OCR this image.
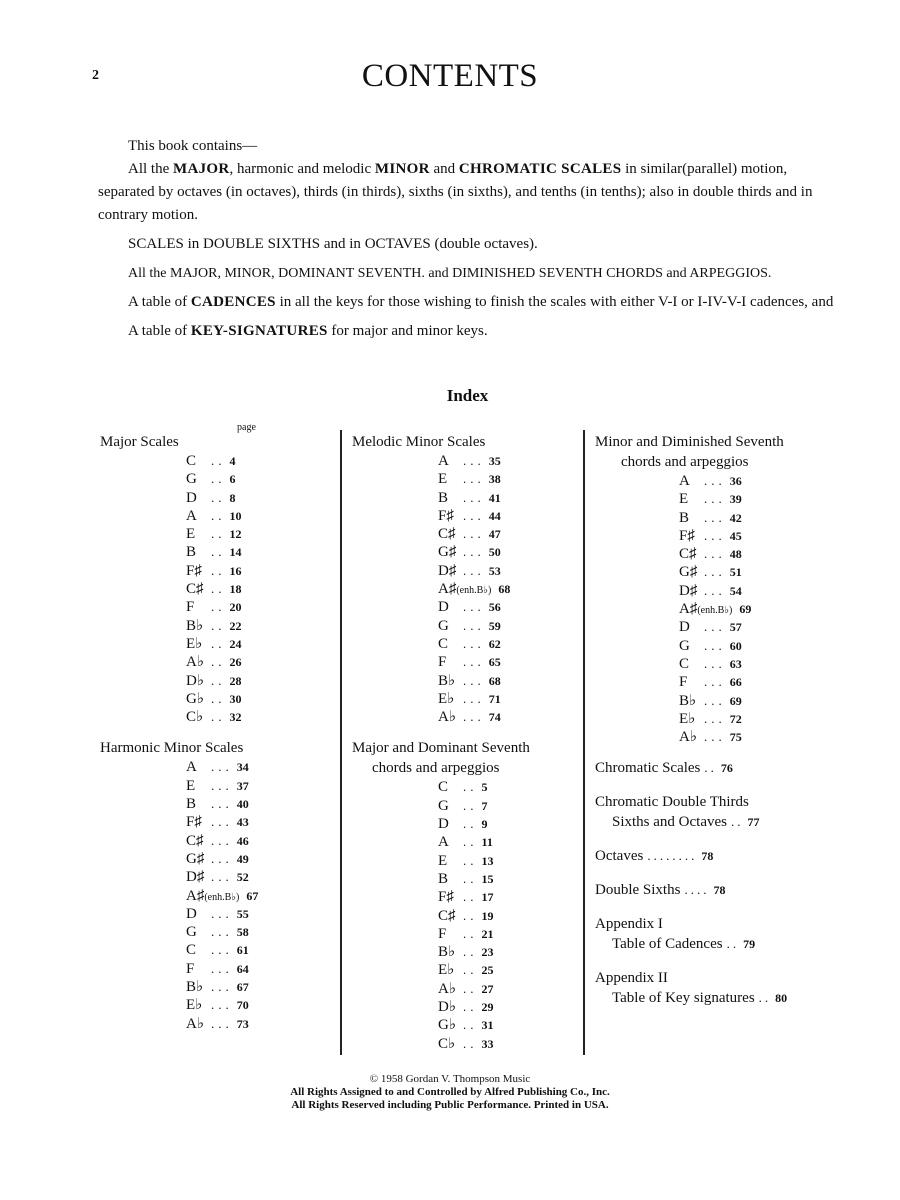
2	CONTENTS

This book contains—

All the MAJOR, harmonic and melodic MINOR and CHROMATIC SCALES in similar(parallel) motion, separated by octaves (in octaves), thirds (in thirds), sixths (in sixths), and tenths (in tenths); also in double thirds and in contrary motion.

SCALES in DOUBLE SIXTHS and in OCTAVES (double octaves).

All the MAJOR, MINOR, DOMINANT SEVENTH. and DIMINISHED SEVENTH CHORDS and ARPEGGIOS.

A table of CADENCES in all the keys for those wishing to finish the scales with either V-I or I-IV-V-I cadences, and

A table of KEY-SIGNATURES for major and minor keys.

Index
page
Major Scales
C	.. 4
G	.. 6
D	.. 8
A	.. 10
E	.. 12
B	.. 14
F♯ .. 16
C♯ .. 18
F	.. 20
B♭ .. 22
E♭ .. 24
A♭ .. 26
D♭ .. 28
G♭ .. 30
C♭ .. 32
Harmonic Minor Scales
A	... 34
E	... 37
B	... 40
F♯ ... 43
C♯ ... 46
G♯ ... 49
D♯ ... 52
A♯ (enh.B♭) 67
D	... 55
G	... 58
C	... 61
F	... 64
B♭ ... 67
E♭ ... 70
A♭ ... 73
Melodic Minor Scales
A	... 35
E	... 38
B	... 41
F♯ ... 44
C♯ ... 47
G♯ ... 50
D♯ ... 53
A♯ (enh.B♭) 68
D	... 56
G	... 59
C	... 62
F	... 65
B♭ ... 68
E♭ ... 71
A♭ ... 74
Major and Dominant Seventh
chords and arpeggios
C	.. 5
G	.. 7
D	.. 9
A	.. 11
E	.. 13
B	.. 15
F♯ .. 17
C♯ .. 19
F	.. 21
B♭ .. 23
E♭ .. 25
A♭ .. 27
D♭ .. 29
G♭ .. 31
C♭ .. 33
Minor and Diminished Seventh
chords and arpeggios
A	... 36
E	... 39
B	... 42
F♯ ... 45
C♯ ... 48
G♯ ... 51
D♯ ... 54
A♯ (enh.B♭) 69
D	... 57
G	... 60
C	... 63
F	... 66
B♭ ... 69
E♭ ... 72
A♭ ... 75
Chromatic Scales .. 76
Chromatic Double Thirds
Sixths and Octaves .. 77
Octaves ........ 78
Double Sixths .... 78
Appendix I
Table of Cadences .. 79
Appendix II
Table of Key signatures .. 80
© 1958 Gordan V. Thompson Music
All Rights Assigned to and Controlled by Alfred Publishing Co., Inc.
All Rights Reserved including Public Performance. Printed in USA.
